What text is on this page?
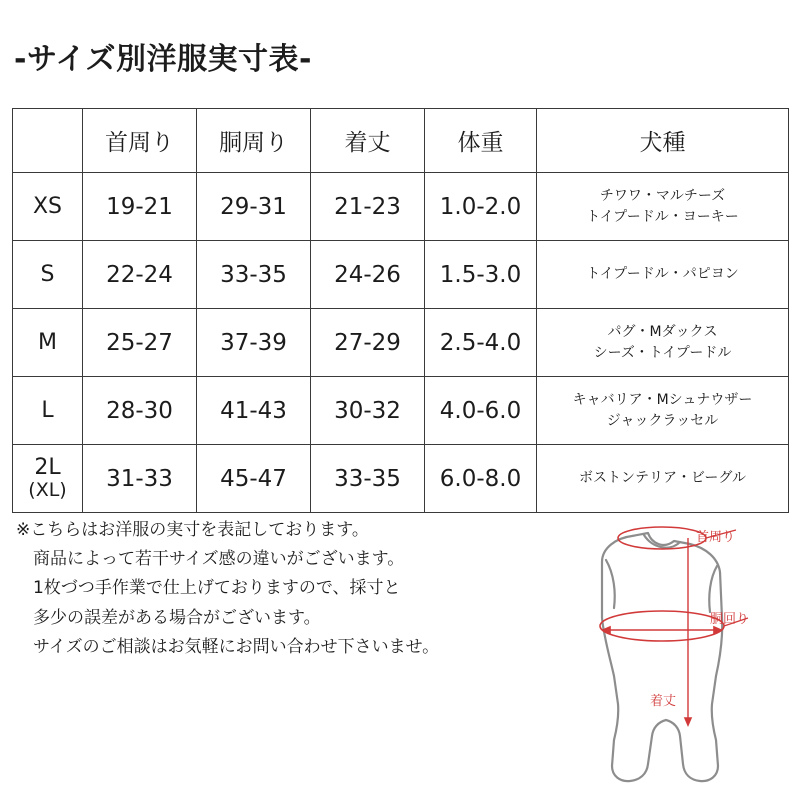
-サイズ別洋服実寸表-
	首周り	胴周り	着丈	体重	犬種
XS	19-21	29-31	21-23	1.0-2.0	チワワ・マルチーズ
トイプードル・ヨーキー

S	22-24	33-35	24-26	1.5-3.0	トイプードル・パピヨン

M	25-27	37-39	27-29	2.5-4.0	パグ・Mダックス
シーズ・トイプードル

L	28-30	41-43	30-32	4.0-6.0	キャバリア・Mシュナウザー
ジャックラッセル

2L
(XL)	31-33	45-47	33-35	6.0-8.0	ボストンテリア・ビーグル
※こちらはお洋服の実寸を表記しております。
商品によって若干サイズ感の違いがございます。
1枚づつ手作業で仕上げておりますので、採寸と
多少の誤差がある場合がございます。
サイズのご相談はお気軽にお問い合わせ下さいませ。
首周り
胴回り
着丈
